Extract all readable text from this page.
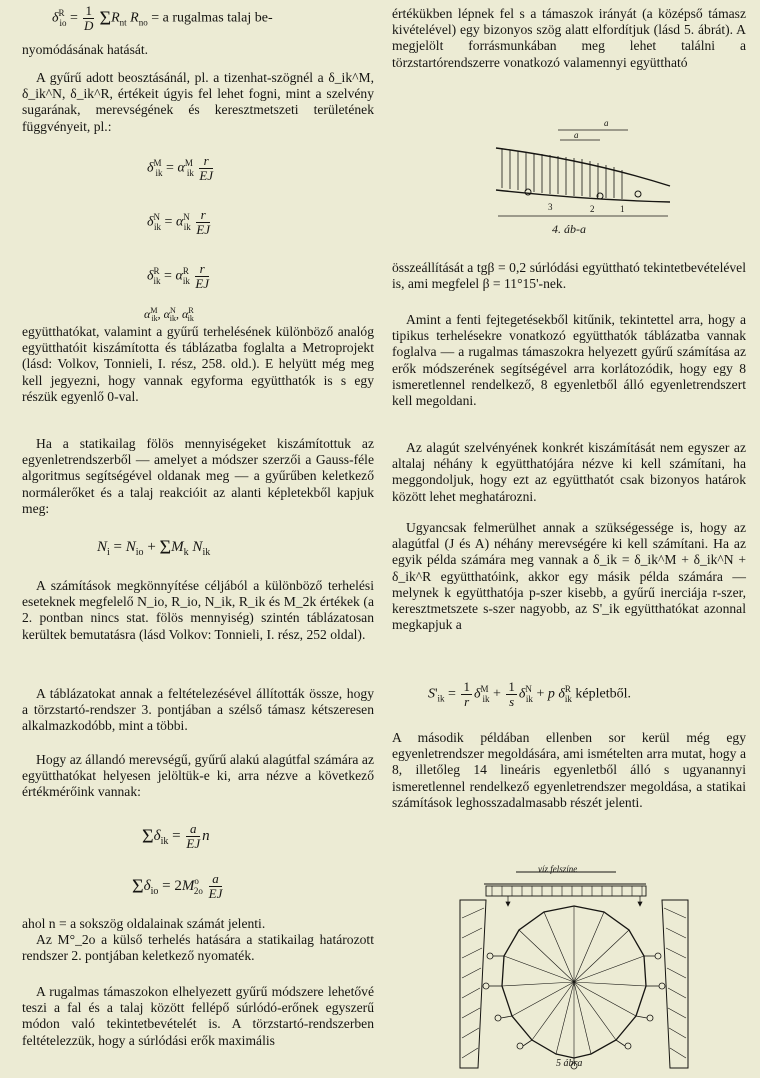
$\delta^R_{io} = \frac{1}{D} \Sigma R_{nt}$ $R_{no} = a$ rugalmas talaj be-

nyomódásának hatását.

A gyűrű adott beosztásánál, pl. a tizenhat-szögnél a δ_ik^M, δ_ik^N, δ_ik^R, értékeit úgyis fel lehet fogni, mint a szelvény sugarának, merevségének és keresztmetszeti területének függvényeit, pl.:

$\delta^M_{ik} = \alpha^M_{ik} \frac{r}{EJ}$
$\delta^N_{ik} = \alpha^N_{ik} \frac{r}{EJ}$
$\delta^R_{ik} = \alpha^R_{ik} \frac{r}{EJ}$
$\alpha^M_{ik}$, $\alpha^N_{ik}$, $\alpha^R_{ik}$

együtthatókat, valamint a gyűrű terhelésének különböző analóg együtthatóit kiszámította és táblázatba foglalta a Metroprojekt (lásd: Volkov, Tonnieli, I. rész, 258. old.). E helyütt még meg kell jegyezni, hogy vannak egyforma együtthatók is s egy részük egyenlő 0-val.

Ha a statikailag fölös mennyiségeket kiszámítottuk az egyenletrendszerből — amelyet a módszer szerzői a Gauss-féle algoritmus segítségével oldanak meg — a gyűrűben keletkező normálerőket és a talaj reakcióit az alanti képletekből kapjuk meg:

$N_i = N_{io} + \Sigma M_k$ $N_{ik}$

A számítások megkönnyítése céljából a különböző terhelési eseteknek megfelelő N_io, R_io, N_ik, R_ik és M_2k értékek (a 2. pontban nincs stat. fölös mennyiség) szintén táblázatosan kerültek bemutatásra (lásd Volkov: Tonnieli, I. rész, 252 oldal).

A táblázatokat annak a feltételezésével állították össze, hogy a törzstartó-rendszer 3. pontjában a szélső támasz kétszeresen alkalmazkodóbb, mint a többi.

Hogy az állandó merevségű, gyűrű alakú alagútfal számára az együtthatókat helyesen jelöltük-e ki, arra nézve a következő értékmérőink vannak:

$\Sigma\delta_{ik} = \frac{a}{EJ}$ n
$\Sigma\delta_{io} = 2M^o_{2o} \frac{a}{EJ}$

ahol n = a sokszög oldalainak számát jelenti.

Az M°_2o a külső terhelés hatására a statikailag határozott rendszer 2. pontjában keletkező nyomaték.

A rugalmas támaszokon elhelyezett gyűrű módszere lehetővé teszi a fal és a talaj között fellépő súrlódó-erőnek egyszerű módon való tekintetbevételét is. A törzstartó-rendszerben feltételezzük, hogy a súrlódási erők maximális

értékükben lépnek fel s a támaszok irányát (a középső támasz kivételével) egy bizonyos szög alatt elfordítjuk (lásd 5. ábrát). A megjelölt forrásmunkában meg lehet találni a törzstartórendszerre vonatkozó valamennyi együttható

a
a
3	2	1
4. áb-a

összeállítását a tgβ = 0,2 súrlódási együttható tekintetbevételével is, ami megfelel β = 11°15'-nek.

Amint a fenti fejtegetésekből kitűnik, tekintettel arra, hogy a tipikus terhelésekre vonatkozó együtthatók táblázatba vannak foglalva — a rugalmas támaszokra helyezett gyűrű számítása az erők módszerének segítségével arra korlátozódik, hogy egy 8 ismeretlennel rendelkező, 8 egyenletből álló egyenletrendszert kell megoldani.

Az alagút szelvényének konkrét kiszámítását nem egyszer az altalaj néhány k együtthatójára nézve ki kell számítani, ha meggondoljuk, hogy ezt az együtthatót csak bizonyos határok között lehet meghatározni.

Ugyancsak felmerülhet annak a szükségessége is, hogy az alagútfal (J és A) néhány merevségére ki kell számítani. Ha az egyik példa számára meg vannak a δ_ik = δ_ik^M + δ_ik^N + δ_ik^R együtthatóink, akkor egy másik példa számára — melynek k együtthatója p-szer kisebb, a gyűrű inerciája r-szer, keresztmetszete s-szer nagyobb, az S'_ik együtthatókat azonnal megkapjuk a

$S'_{ik} = \frac{1}{r} \delta^M_{ik} + \frac{1}{s} \delta^N_{ik} + p$ $\delta^R_{ik}$ képletből.

A második példában ellenben sor kerül még egy egyenletrendszer megoldására, ami ismételten arra mutat, hogy a 8, illetőleg 14 lineáris egyenletből álló s ugyanannyi ismeretlennel rendelkező egyenletrendszer megoldása, a statikai számítások leghosszadalmasabb részét jelenti.

víz felszíne
5 ábra
